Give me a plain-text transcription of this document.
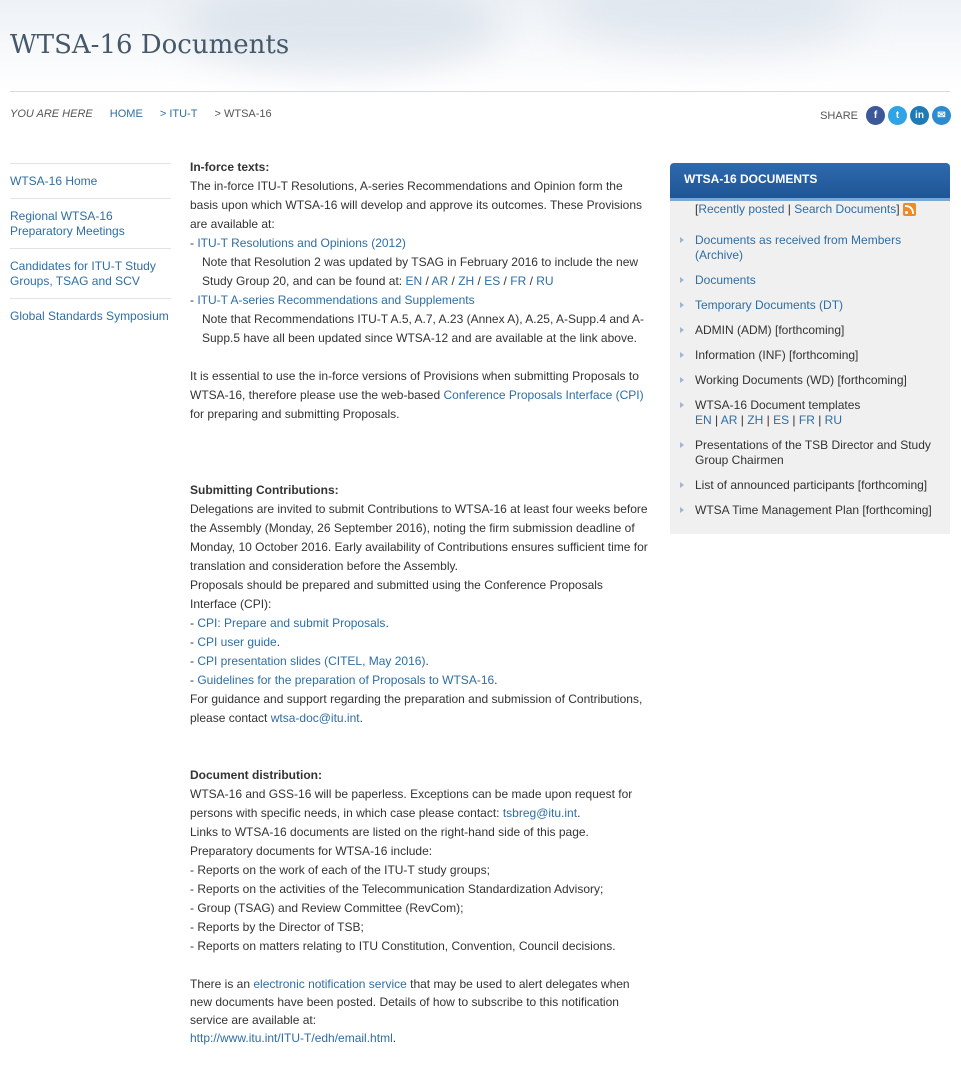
WTSA-16 Documents
YOU ARE HERE HOME > ITU-T > WTSA-16	SHARE	f	t	in	✉
WTSA-16 Home
Regional WTSA-16 Preparatory Meetings
Candidates for ITU-T Study Groups, TSAG and SCV
Global Standards Symposium

In-force texts:

The in-force ITU-T Resolutions, A-series Recommendations and Opinion form the basis upon which WTSA-16 will develop and approve its outcomes. These Provisions are available at:

- ITU-T Resolutions and Opinions (2012)

Note that Resolution 2 was updated by TSAG in February 2016 to include the new Study Group 20, and can be found at: EN / AR / ZH / ES / FR / RU

- ITU-T A-series Recommendations and Supplements

Note that Recommendations ITU-T A.5, A.7, A.23 (Annex A), A.25, A-Supp.4 and A-Supp.5 have all been updated since WTSA-12 and are available at the link above.

It is essential to use the in-force versions of Provisions when submitting Proposals to WTSA-16, therefore please use the web-based Conference Proposals Interface (CPI) for preparing and submitting Proposals.

Submitting Contributions:

Delegations are invited to submit Contributions to WTSA-16 at least four weeks before the Assembly (Monday, 26 September 2016), noting the firm submission deadline of Monday, 10 October 2016. Early availability of Contributions ensures sufficient time for translation and consideration before the Assembly.

Proposals should be prepared and submitted using the Conference Proposals Interface (CPI):

- CPI: Prepare and submit Proposals.

- CPI user guide.

- CPI presentation slides (CITEL, May 2016).

- Guidelines for the preparation of Proposals to WTSA-16.

For guidance and support regarding the preparation and submission of Contributions, please contact wtsa-doc@itu.int.

Document distribution:

WTSA-16 and GSS-16 will be paperless. Exceptions can be made upon request for persons with specific needs, in which case please contact: tsbreg@itu.int.

Links to WTSA-16 documents are listed on the right-hand side of this page.

Preparatory documents for WTSA-16 include:

- Reports on the work of each of the ITU-T study groups;

- Reports on the activities of the Telecommunication Standardization Advisory;

- Group (TSAG) and Review Committee (RevCom);

- Reports by the Director of TSB;

- Reports on matters relating to ITU Constitution, Convention, Council decisions.

There is an electronic notification service that may be used to alert delegates when new documents have been posted. Details of how to subscribe to this notification service are available at:

http://www.itu.int/ITU-T/edh/email.html.

WTSA-16 DOCUMENTS
[ Recently posted | Search Documents ]
Documents as received from Members (Archive)
Documents
Temporary Documents (DT)
ADMIN (ADM) [forthcoming]
Information (INF) [forthcoming]
Working Documents (WD) [forthcoming]
WTSA-16 Document templates
EN | AR | ZH | ES | FR | RU
Presentations of the TSB Director and Study Group Chairmen
List of announced participants [forthcoming]
WTSA Time Management Plan [forthcoming]
